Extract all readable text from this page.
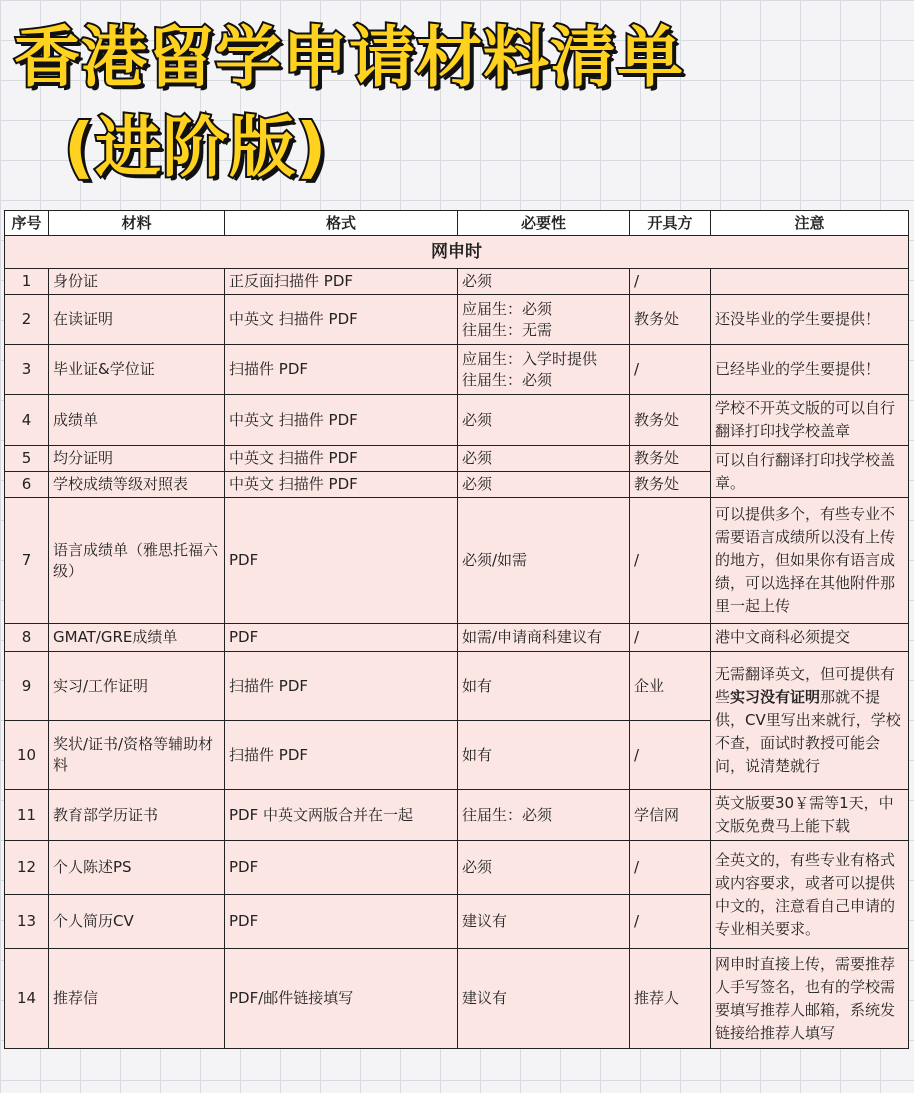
香港留学申请材料清单
(进阶版)
序号	材料	格式	必要性	开具方	注意
网申时					
1	身份证	正反面扫描件 PDF	必须	/	
2	在读证明	中英文 扫描件 PDF	应届生：必须
往届生：无需	教务处	还没毕业的学生要提供！
3	毕业证&学位证	扫描件 PDF	应届生：入学时提供
往届生：必须	/	已经毕业的学生要提供！
4	成绩单	中英文 扫描件 PDF	必须	教务处	学校不开英文版的可以自行翻译打印找学校盖章
5	均分证明	中英文 扫描件 PDF	必须	教务处	可以自行翻译打印找学校盖章。
6	学校成绩等级对照表	中英文 扫描件 PDF	必须	教务处	
7	语言成绩单（雅思托福六级）	PDF	必须/如需	/	可以提供多个，有些专业不需要语言成绩所以没有上传的地方，但如果你有语言成绩，可以选择在其他附件那里一起上传
8	GMAT/GRE成绩单	PDF	如需/申请商科建议有	/	港中文商科必须提交
9	实习/工作证明	扫描件 PDF	如有	企业	无需翻译英文，但可提供有些实习没有证明那就不提供，CV里写出来就行，学校不查，面试时教授可能会问，说清楚就行
10	奖状/证书/资格等辅助材料	扫描件 PDF	如有	/	
11	教育部学历证书	PDF 中英文两版合并在一起	往届生：必须	学信网	英文版要30￥需等1天，中文版免费马上能下载
12	个人陈述PS	PDF	必须	/	全英文的，有些专业有格式或内容要求，或者可以提供中文的，注意看自己申请的专业相关要求。
13	个人简历CV	PDF	建议有	/	
14	推荐信	PDF/邮件链接填写	建议有	推荐人	网申时直接上传，需要推荐人手写签名，也有的学校需要填写推荐人邮箱，系统发链接给推荐人填写
